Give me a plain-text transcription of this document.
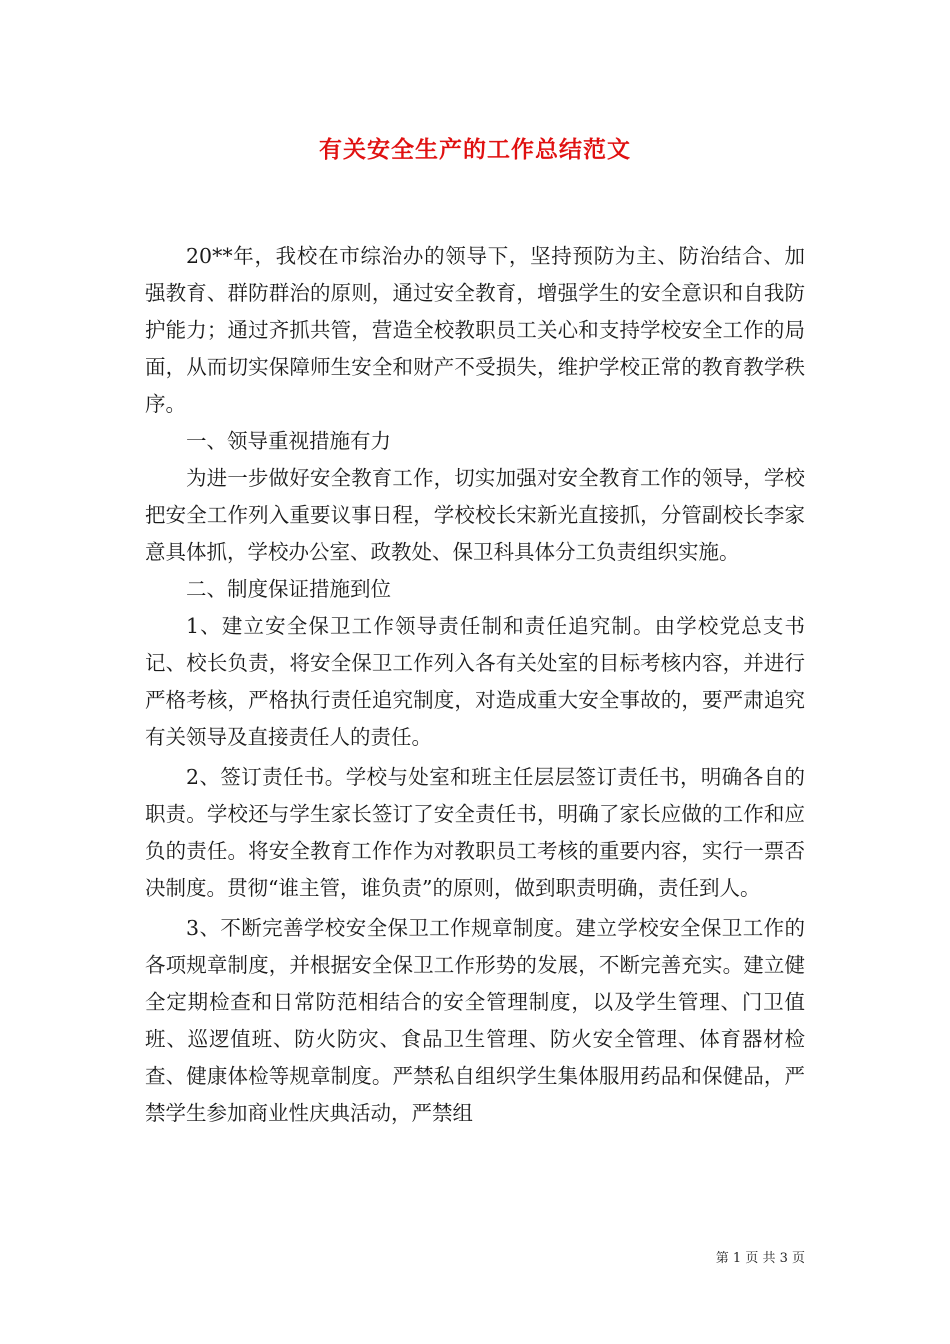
有关安全生产的工作总结范文

20**年，我校在市综治办的领导下，坚持预防为主、防治结合、加强教育、群防群治的原则，通过安全教育，增强学生的安全意识和自我防护能力；通过齐抓共管，营造全校教职员工关心和支持学校安全工作的局面，从而切实保障师生安全和财产不受损失，维护学校正常的教育教学秩序。

一、领导重视措施有力

为进一步做好安全教育工作，切实加强对安全教育工作的领导，学校把安全工作列入重要议事日程，学校校长宋新光直接抓，分管副校长李家意具体抓，学校办公室、政教处、保卫科具体分工负责组织实施。

二、制度保证措施到位

1、建立安全保卫工作领导责任制和责任追究制。由学校党总支书记、校长负责，将安全保卫工作列入各有关处室的目标考核内容，并进行严格考核，严格执行责任追究制度，对造成重大安全事故的，要严肃追究有关领导及直接责任人的责任。

2、签订责任书。学校与处室和班主任层层签订责任书，明确各自的职责。学校还与学生家长签订了安全责任书，明确了家长应做的工作和应负的责任。将安全教育工作作为对教职员工考核的重要内容，实行一票否决制度。贯彻“谁主管，谁负责”的原则，做到职责明确，责任到人。

3、不断完善学校安全保卫工作规章制度。建立学校安全保卫工作的各项规章制度，并根据安全保卫工作形势的发展，不断完善充实。建立健全定期检查和日常防范相结合的安全管理制度，以及学生管理、门卫值班、巡逻值班、防火防灾、食品卫生管理、防火安全管理、体育器材检查、健康体检等规章制度。严禁私自组织学生集体服用药品和保健品，严禁学生参加商业性庆典活动，严禁组

第 1 页 共 3 页
